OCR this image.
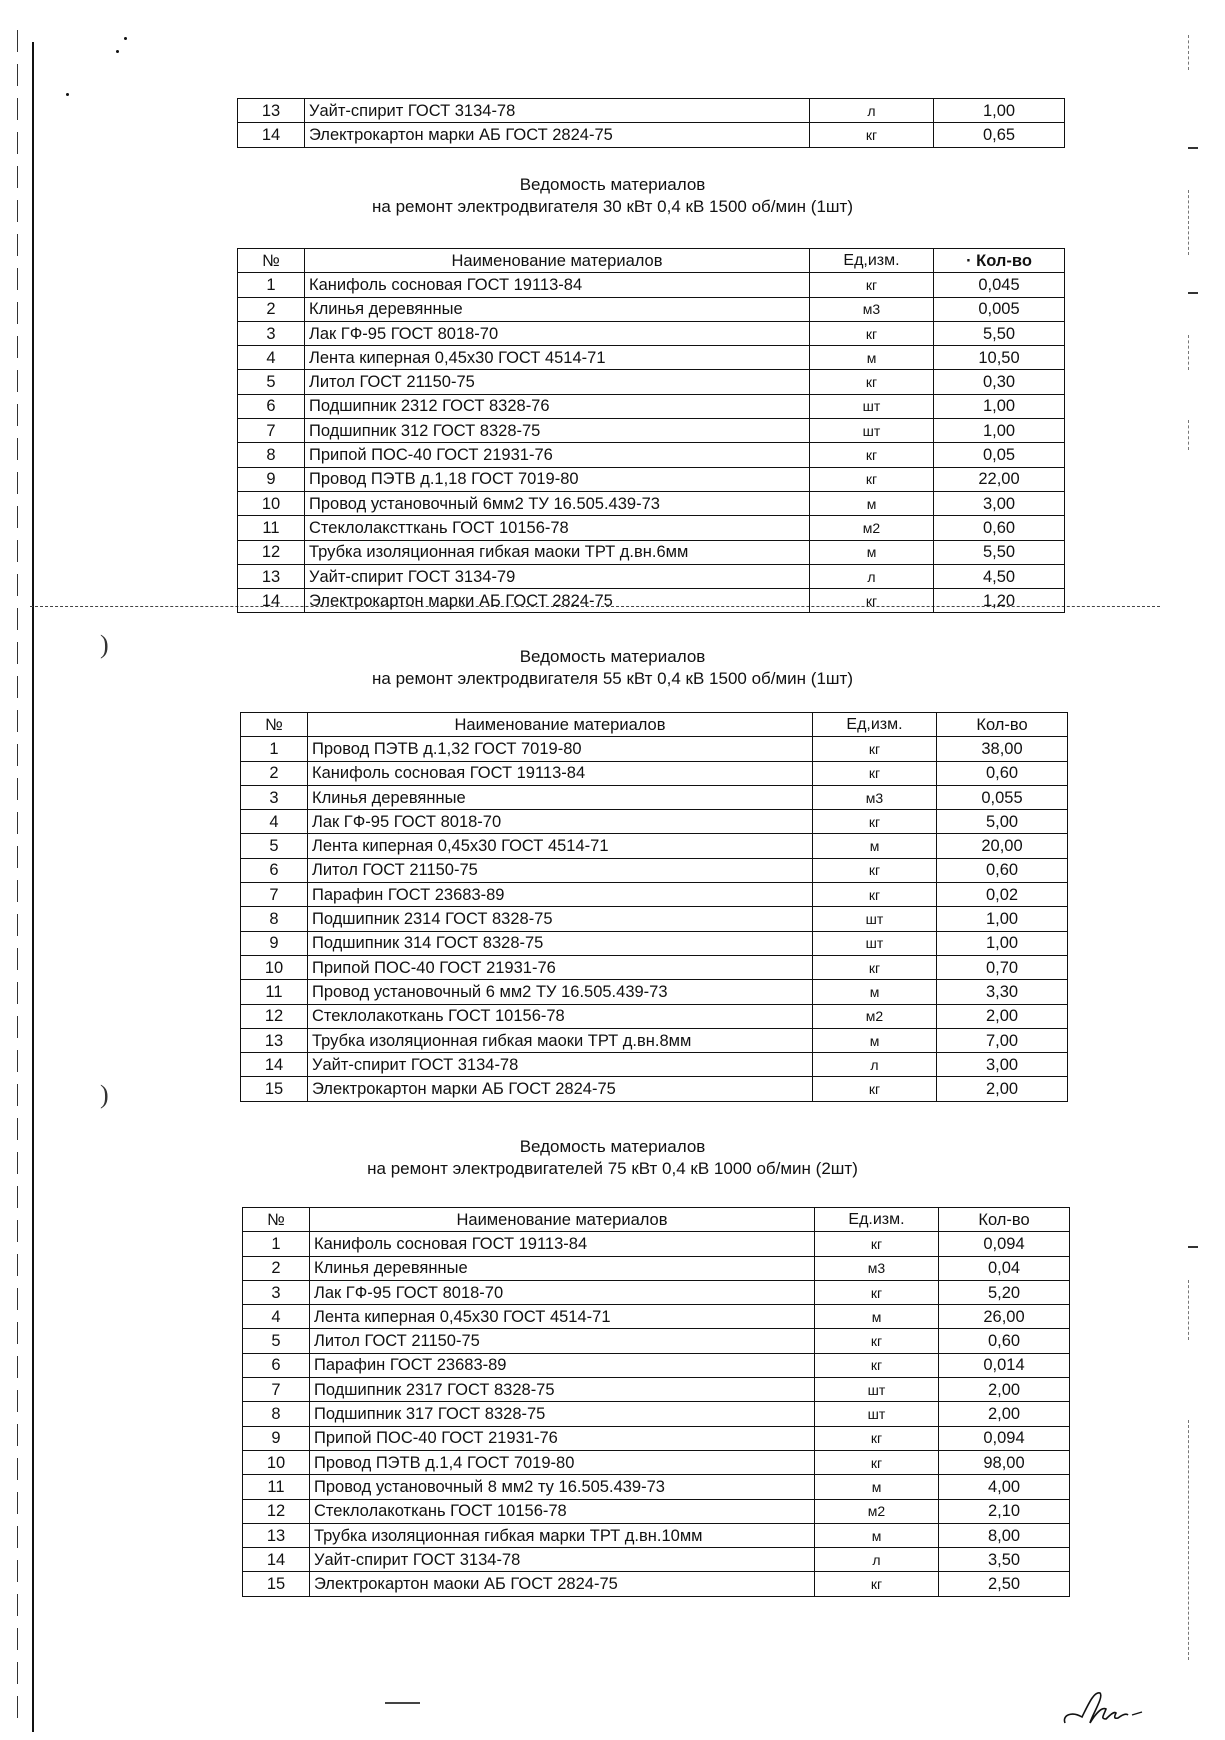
)
)
13	Уайт-спирит ГОСТ 3134-78	л	1,00
14	Электрокартон марки АБ ГОСТ 2824-75	кг	0,65
Ведомость материалов
на ремонт электродвигателя 30 кВт 0,4 кВ 1500 об/мин (1шт)
№	Наименование материалов	Ед,изм.	· Кол-во
1	Канифоль сосновая ГОСТ 19113-84	кг	0,045
2	Клинья деревянные	м3	0,005
3	Лак ГФ-95 ГОСТ 8018-70	кг	5,50
4	Лента киперная 0,45х30 ГОСТ 4514-71	м	10,50
5	Литол ГОСТ 21150-75	кг	0,30
6	Подшипник 2312 ГОСТ 8328-76	шт	1,00
7	Подшипник 312 ГОСТ 8328-75	шт	1,00
8	Припой ПОС-40 ГОСТ 21931-76	кг	0,05
9	Провод ПЭТВ д.1,18 ГОСТ 7019-80	кг	22,00
10	Провод установочный 6мм2 ТУ 16.505.439-73	м	3,00
11	Стеклолакстткань ГОСТ 10156-78	м2	0,60
12	Трубка изоляционная гибкая маоки ТРТ д.вн.6мм	м	5,50
13	Уайт-спирит ГОСТ 3134-79	л	4,50
14	Электрокартон марки АБ ГОСТ 2824-75	кг	1,20
Ведомость материалов
на ремонт электродвигателя 55 кВт 0,4 кВ 1500 об/мин (1шт)
№	Наименование материалов	Ед,изм.	Кол-во
1	Провод ПЭТВ д.1,32 ГОСТ 7019-80	кг	38,00
2	Канифоль сосновая ГОСТ 19113-84	кг	0,60
3	Клинья деревянные	м3	0,055
4	Лак ГФ-95 ГОСТ 8018-70	кг	5,00
5	Лента киперная 0,45х30 ГОСТ 4514-71	м	20,00
6	Литол ГОСТ 21150-75	кг	0,60
7	Парафин ГОСТ 23683-89	кг	0,02
8	Подшипник 2314 ГОСТ 8328-75	шт	1,00
9	Подшипник 314 ГОСТ 8328-75	шт	1,00
10	Припой ПОС-40 ГОСТ 21931-76	кг	0,70
11	Провод установочный 6 мм2 ТУ 16.505.439-73	м	3,30
12	Стеклолакоткань ГОСТ 10156-78	м2	2,00
13	Трубка изоляционная гибкая маоки ТРТ д.вн.8мм	м	7,00
14	Уайт-спирит ГОСТ 3134-78	л	3,00
15	Электрокартон марки АБ ГОСТ 2824-75	кг	2,00
Ведомость материалов
на ремонт электродвигателей 75 кВт 0,4 кВ 1000 об/мин (2шт)
№	Наименование материалов	Ед.изм.	Кол-во
1	Канифоль сосновая ГОСТ 19113-84	кг	0,094
2	Клинья деревянные	м3	0,04
3	Лак ГФ-95 ГОСТ 8018-70	кг	5,20
4	Лента киперная 0,45х30 ГОСТ 4514-71	м	26,00
5	Литол ГОСТ 21150-75	кг	0,60
6	Парафин ГОСТ 23683-89	кг	0,014
7	Подшипник 2317 ГОСТ 8328-75	шт	2,00
8	Подшипник 317 ГОСТ 8328-75	шт	2,00
9	Припой ПОС-40 ГОСТ 21931-76	кг	0,094
10	Провод ПЭТВ д.1,4 ГОСТ 7019-80	кг	98,00
11	Провод установочный 8 мм2 ту 16.505.439-73	м	4,00
12	Стеклолакоткань ГОСТ 10156-78	м2	2,10
13	Трубка изоляционная гибкая марки ТРТ д.вн.10мм	м	8,00
14	Уайт-спирит ГОСТ 3134-78	л	3,50
15	Электрокартон маоки АБ ГОСТ 2824-75	кг	2,50
